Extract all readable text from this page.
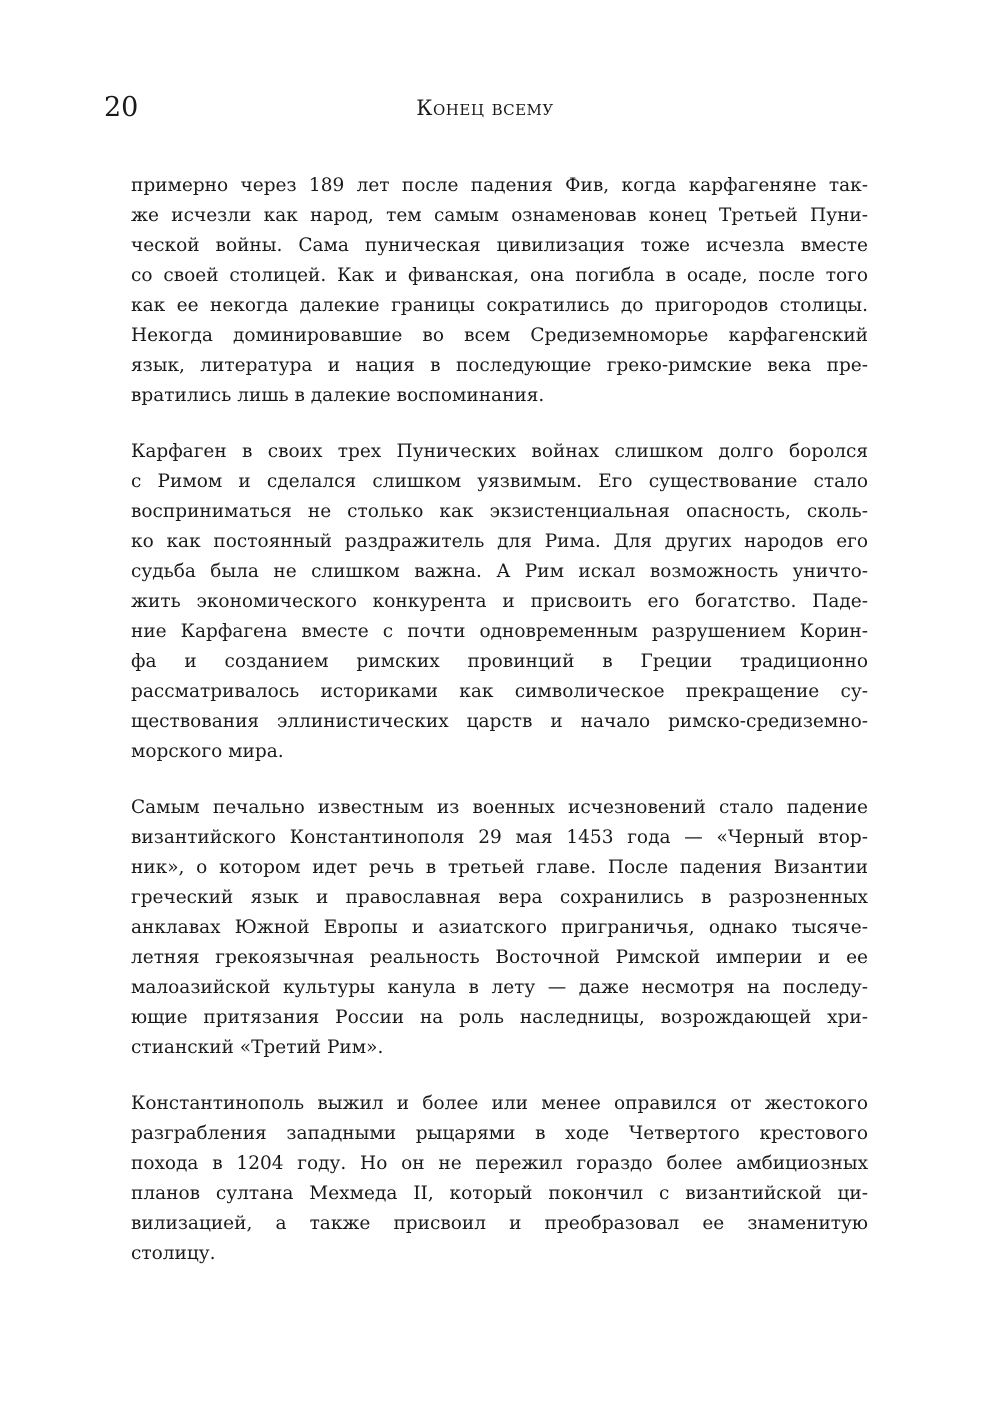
20	Конец всему
примерно через 189 лет после падения Фив, когда карфагеняне так-
же исчезли как народ, тем самым ознаменовав конец Третьей Пуни-
ческой войны. Сама пуническая цивилизация тоже исчезла вместе
со своей столицей. Как и фиванская, она погибла в осаде, после того
как ее некогда далекие границы сократились до пригородов столицы.
Некогда доминировавшие во всем Средиземноморье карфагенский
язык, литература и нация в последующие греко-римские века пре-
вратились лишь в далекие воспоминания.
Карфаген в своих трех Пунических войнах слишком долго боролся
с Римом и сделался слишком уязвимым. Его существование стало
восприниматься не столько как экзистенциальная опасность, сколь-
ко как постоянный раздражитель для Рима. Для других народов его
судьба была не слишком важна. А Рим искал возможность уничто-
жить экономического конкурента и присвоить его богатство. Паде-
ние Карфагена вместе с почти одновременным разрушением Корин-
фа и созданием римских провинций в Греции традиционно
рассматривалось историками как символическое прекращение су-
ществования эллинистических царств и начало римско-средиземно-
морского мира.
Самым печально известным из военных исчезновений стало падение
византийского Константинополя 29 мая 1453 года — «Черный втор-
ник», о котором идет речь в третьей главе. После падения Византии
греческий язык и православная вера сохранились в разрозненных
анклавах Южной Европы и азиатского приграничья, однако тысяче-
летняя грекоязычная реальность Восточной Римской империи и ее
малоазийской культуры канула в лету — даже несмотря на последу-
ющие притязания России на роль наследницы, возрождающей хри-
стианский «Третий Рим».
Константинополь выжил и более или менее оправился от жестокого
разграбления западными рыцарями в ходе Четвертого крестового
похода в 1204 году. Но он не пережил гораздо более амбициозных
планов султана Мехмеда II, который покончил с византийской ци-
вилизацией, а также присвоил и преобразовал ее знаменитую
столицу.
